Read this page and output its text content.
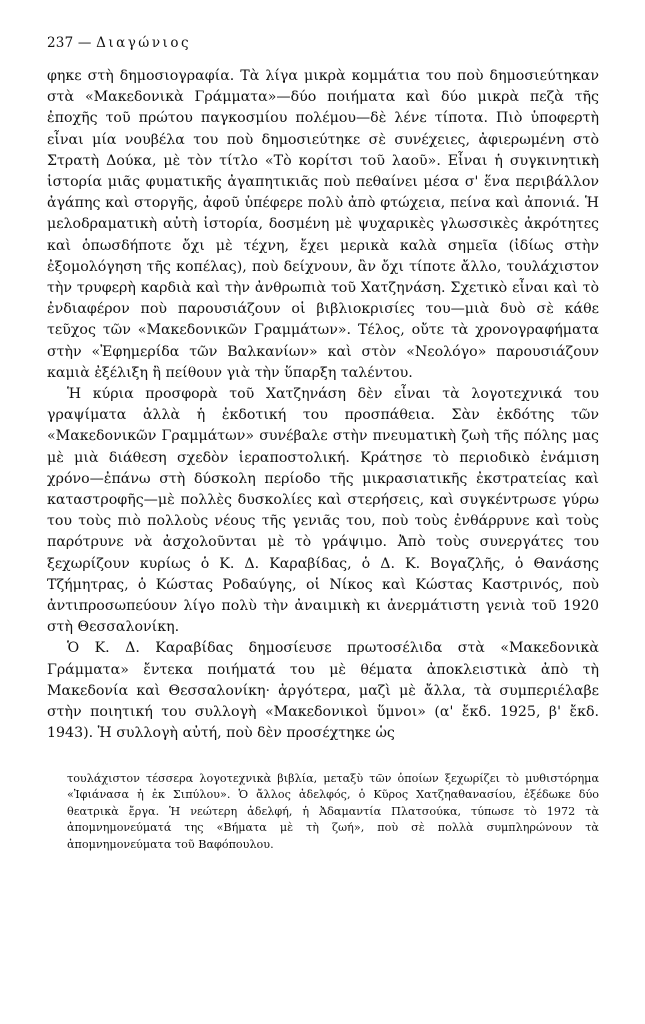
237 — Διαγώνιος

φηκε στὴ δημοσιογραφία. Τὰ λίγα μικρὰ κομμάτια του ποὺ δημοσιεύτηκαν στὰ «Μακεδονικὰ Γράμματα»—δύο ποιήματα καὶ δύο μικρὰ πεζὰ τῆς ἐποχῆς τοῦ πρώτου παγκοσμίου πολέμου—δὲ λένε τίποτα. Πιὸ ὑποφερτὴ εἶναι μία νουβέλα του ποὺ δημοσιεύτηκε σὲ συνέχειες, ἀφιερωμένη στὸ Στρατὴ Δούκα, μὲ τὸν τίτλο «Τὸ κορίτσι τοῦ λαοῦ». Εἶναι ἡ συγκινητικὴ ἱστορία μιᾶς φυματικῆς ἀγαπητικιᾶς ποὺ πεθαίνει μέσα σ' ἕνα περιβάλλον ἀγάπης καὶ στοργῆς, ἀφοῦ ὑπέφερε πολὺ ἀπὸ φτώχεια, πείνα καὶ ἀπονιά. Ἡ μελοδραματικὴ αὐτὴ ἱστορία, δοσμένη μὲ ψυχαρικὲς γλωσσικὲς ἀκρότητες καὶ ὁπωσδήποτε ὄχι μὲ τέχνη, ἔχει μερικὰ καλὰ σημεῖα (ἰδίως στὴν ἐξομολόγηση τῆς κοπέλας), ποὺ δείχνουν, ἂν ὄχι τίποτε ἄλλο, τουλάχιστον τὴν τρυφερὴ καρδιὰ καὶ τὴν ἀνθρωπιὰ τοῦ Χατζηνάση. Σχετικὸ εἶναι καὶ τὸ ἐνδιαφέρον ποὺ παρουσιάζουν οἱ βιβλιοκρισίες του—μιὰ δυὸ σὲ κάθε τεῦχος τῶν «Μακεδονικῶν Γραμμάτων». Τέλος, οὔτε τὰ χρονογραφήματα στὴν «Ἐφημερίδα τῶν Βαλκανίων» καὶ στὸν «Νεολόγο» παρουσιάζουν καμιὰ ἐξέλιξη ἢ πείθουν γιὰ τὴν ὕπαρξη ταλέντου.

Ἡ κύρια προσφορὰ τοῦ Χατζηνάση δὲν εἶναι τὰ λογοτεχνικά του γραψίματα ἀλλὰ ἡ ἐκδοτική του προσπάθεια. Σὰν ἐκδότης τῶν «Μακεδονικῶν Γραμμάτων» συνέβαλε στὴν πνευματικὴ ζωὴ τῆς πόλης μας μὲ μιὰ διάθεση σχεδὸν ἱεραποστολική. Κράτησε τὸ περιοδικὸ ἐνάμιση χρόνο—ἐπάνω στὴ δύσκολη περίοδο τῆς μικρασιατικῆς ἐκστρατείας καὶ καταστροφῆς—μὲ πολλὲς δυσκολίες καὶ στερήσεις, καὶ συγκέντρωσε γύρω του τοὺς πιὸ πολλοὺς νέους τῆς γενιᾶς του, ποὺ τοὺς ἐνθάρρυνε καὶ τοὺς παρότρυνε νὰ ἀσχολοῦνται μὲ τὸ γράψιμο. Ἀπὸ τοὺς συνεργάτες του ξεχωρίζουν κυρίως ὁ Κ. Δ. Καραβίδας, ὁ Δ. Κ. Βογαζλῆς, ὁ Θανάσης Τζήμητρας, ὁ Κώστας Ροδαύγης, οἱ Νίκος καὶ Κώστας Καστρινός, ποὺ ἀντιπροσωπεύουν λίγο πολὺ τὴν ἀναιμικὴ κι ἀνερμάτιστη γενιὰ τοῦ 1920 στὴ Θεσσαλονίκη.

Ὁ Κ. Δ. Καραβίδας δημοσίευσε πρωτοσέλιδα στὰ «Μακεδονικὰ Γράμματα» ἔντεκα ποιήματά του μὲ θέματα ἀποκλειστικὰ ἀπὸ τὴ Μακεδονία καὶ Θεσσαλονίκη· ἀργότερα, μαζὶ μὲ ἄλλα, τὰ συμπεριέλαβε στὴν ποιητική του συλλογὴ «Μακεδονικοὶ ὕμνοι» (α' ἔκδ. 1925, β' ἔκδ. 1943). Ἡ συλλογὴ αὐτή, ποὺ δὲν προσέχτηκε ὡς

τουλάχιστον τέσσερα λογοτεχνικὰ βιβλία, μεταξὺ τῶν ὁποίων ξεχωρίζει τὸ μυθιστόρημα «Ἰφιάνασα ἡ ἐκ Σιπύλου». Ὁ ἄλλος ἀδελφός, ὁ Κῦρος Χατζηαθανασίου, ἐξέδωκε δύο θεατρικὰ ἔργα. Ἡ νεώτερη ἀδελφή, ἡ Ἀδαμαντία Πλατσούκα, τύπωσε τὸ 1972 τὰ ἀπομνημονεύματά της «Βήματα μὲ τὴ ζωή», ποὺ σὲ πολλὰ συμπληρώνουν τὰ ἀπομνημονεύματα τοῦ Βαφόπουλου.
